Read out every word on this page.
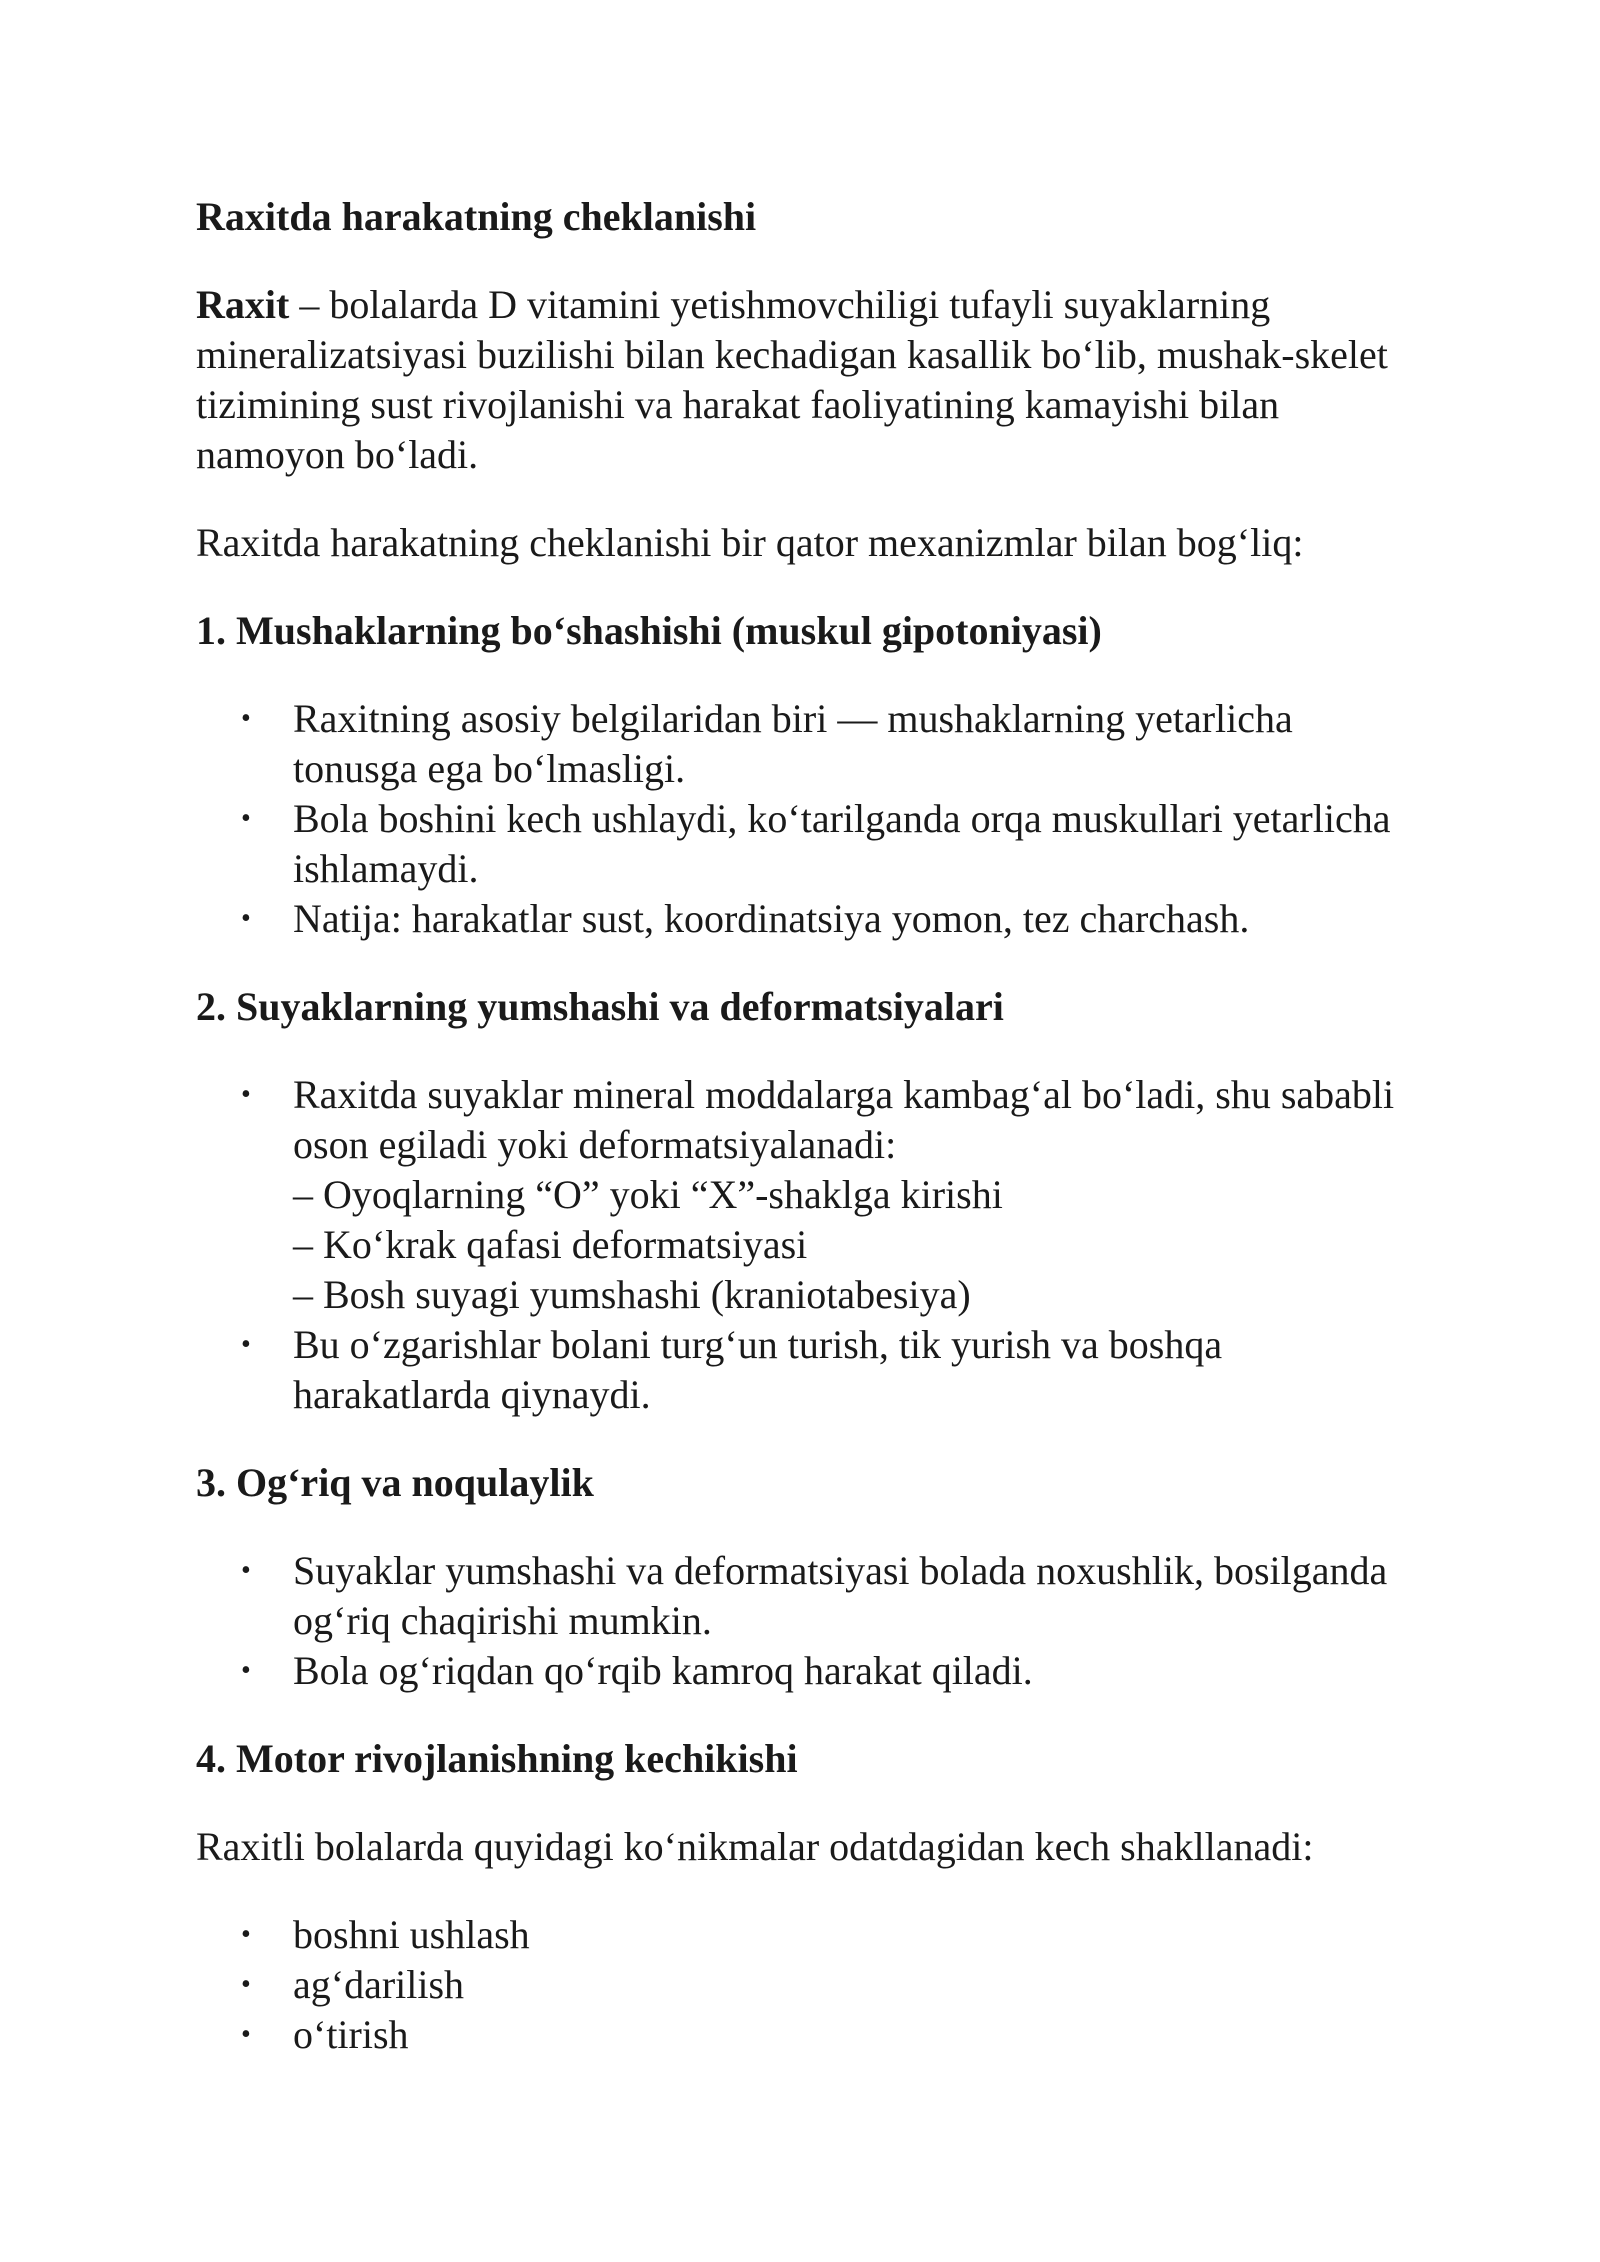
Raxitda harakatning cheklanishi

Raxit – bolalarda D vitamini yetishmovchiligi tufayli suyaklarning mineralizatsiyasi buzilishi bilan kechadigan kasallik bo‘lib, mushak-skelet tizimining sust rivojlanishi va harakat faoliyatining kamayishi bilan namoyon bo‘ladi.

Raxitda harakatning cheklanishi bir qator mexanizmlar bilan bog‘liq:

1. Mushaklarning bo‘shashishi (muskul gipotoniyasi)
• Raxitning asosiy belgilaridan biri — mushaklarning yetarlicha tonusga ega bo‘lmasligi.
• Bola boshini kech ushlaydi, ko‘tarilganda orqa muskullari yetarlicha ishlamaydi.
• Natija: harakatlar sust, koordinatsiya yomon, tez charchash.
2. Suyaklarning yumshashi va deformatsiyalari
• Raxitda suyaklar mineral moddalarga kambag‘al bo‘ladi, shu sababli oson egiladi yoki deformatsiyalanadi:
– Oyoqlarning “O” yoki “X”-shaklga kirishi
– Ko‘krak qafasi deformatsiyasi
– Bosh suyagi yumshashi (kraniotabesiya)
• Bu o‘zgarishlar bolani turg‘un turish, tik yurish va boshqa harakatlarda qiynaydi.
3. Og‘riq va noqulaylik
• Suyaklar yumshashi va deformatsiyasi bolada noxushlik, bosilganda og‘riq chaqirishi mumkin.
• Bola og‘riqdan qo‘rqib kamroq harakat qiladi.
4. Motor rivojlanishning kechikishi

Raxitli bolalarda quyidagi ko‘nikmalar odatdagidan kech shakllanadi:

• boshni ushlash
• ag‘darilish
• o‘tirish
